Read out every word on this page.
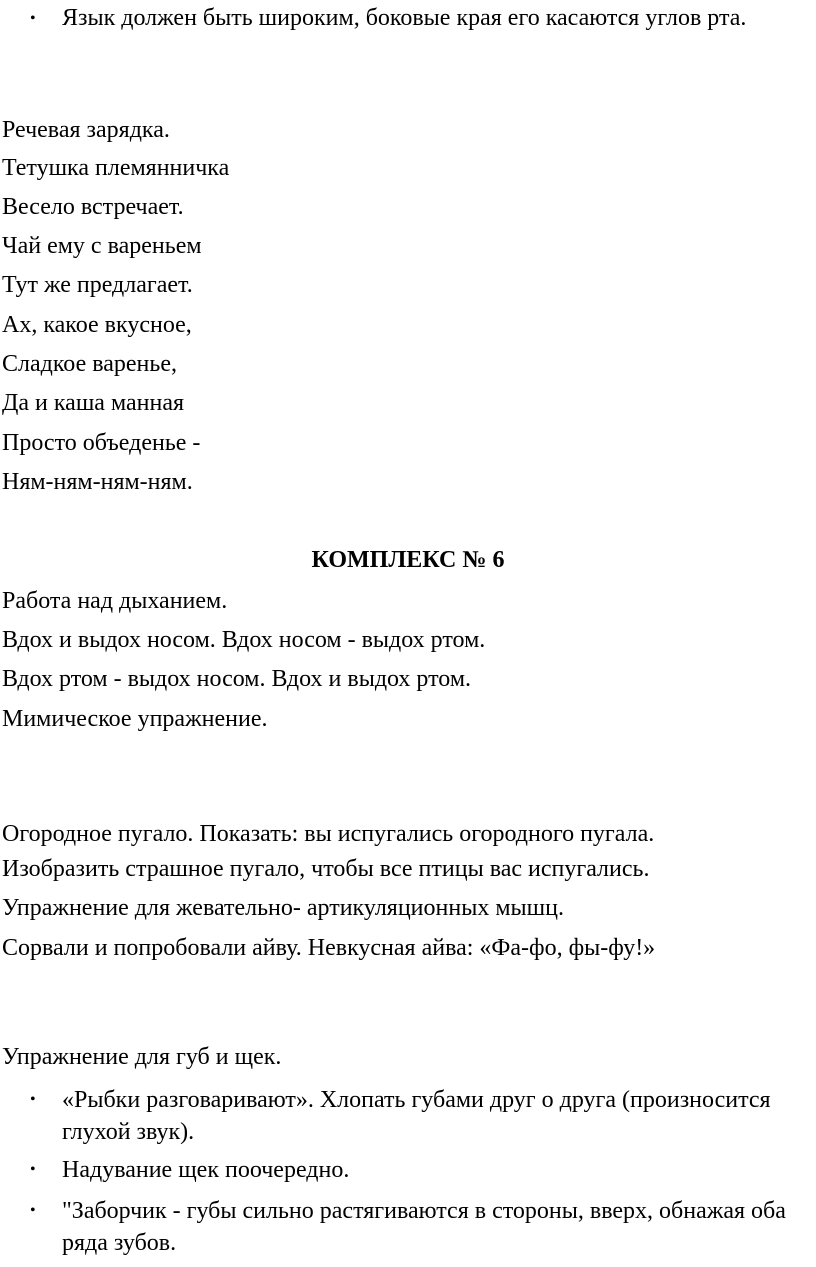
• Язык должен быть широким, боковые края его касаются углов рта.
Речевая зарядка.
Тетушка племянничка
Весело встречает.
Чай ему с вареньем
Тут же предлагает.
Ах, какое вкусное,
Сладкое варенье,
Да и каша манная
Просто объеденье -
Ням-ням-ням-ням.
КОМПЛЕКС № 6
Работа над дыханием.
Вдох и выдох носом. Вдох носом - выдох ртом.
Вдох ртом - выдох носом. Вдох и выдох ртом.
Мимическое упражнение.
Огородное пугало. Показать: вы испугались огородного пугала.
Изобразить страшное пугало, чтобы все птицы вас испугались.
Упражнение для жевательно- артикуляционных мышц.
Сорвали и попробовали айву. Невкусная айва: «Фа-фо, фы-фу!»
Упражнение для губ и щек.
• «Рыбки разговаривают». Хлопать губами друг о друга (произносится глухой звук).
• Надувание щек поочередно.
• "Заборчик - губы сильно растягиваются в стороны, вверх, обнажая оба ряда зубов.
